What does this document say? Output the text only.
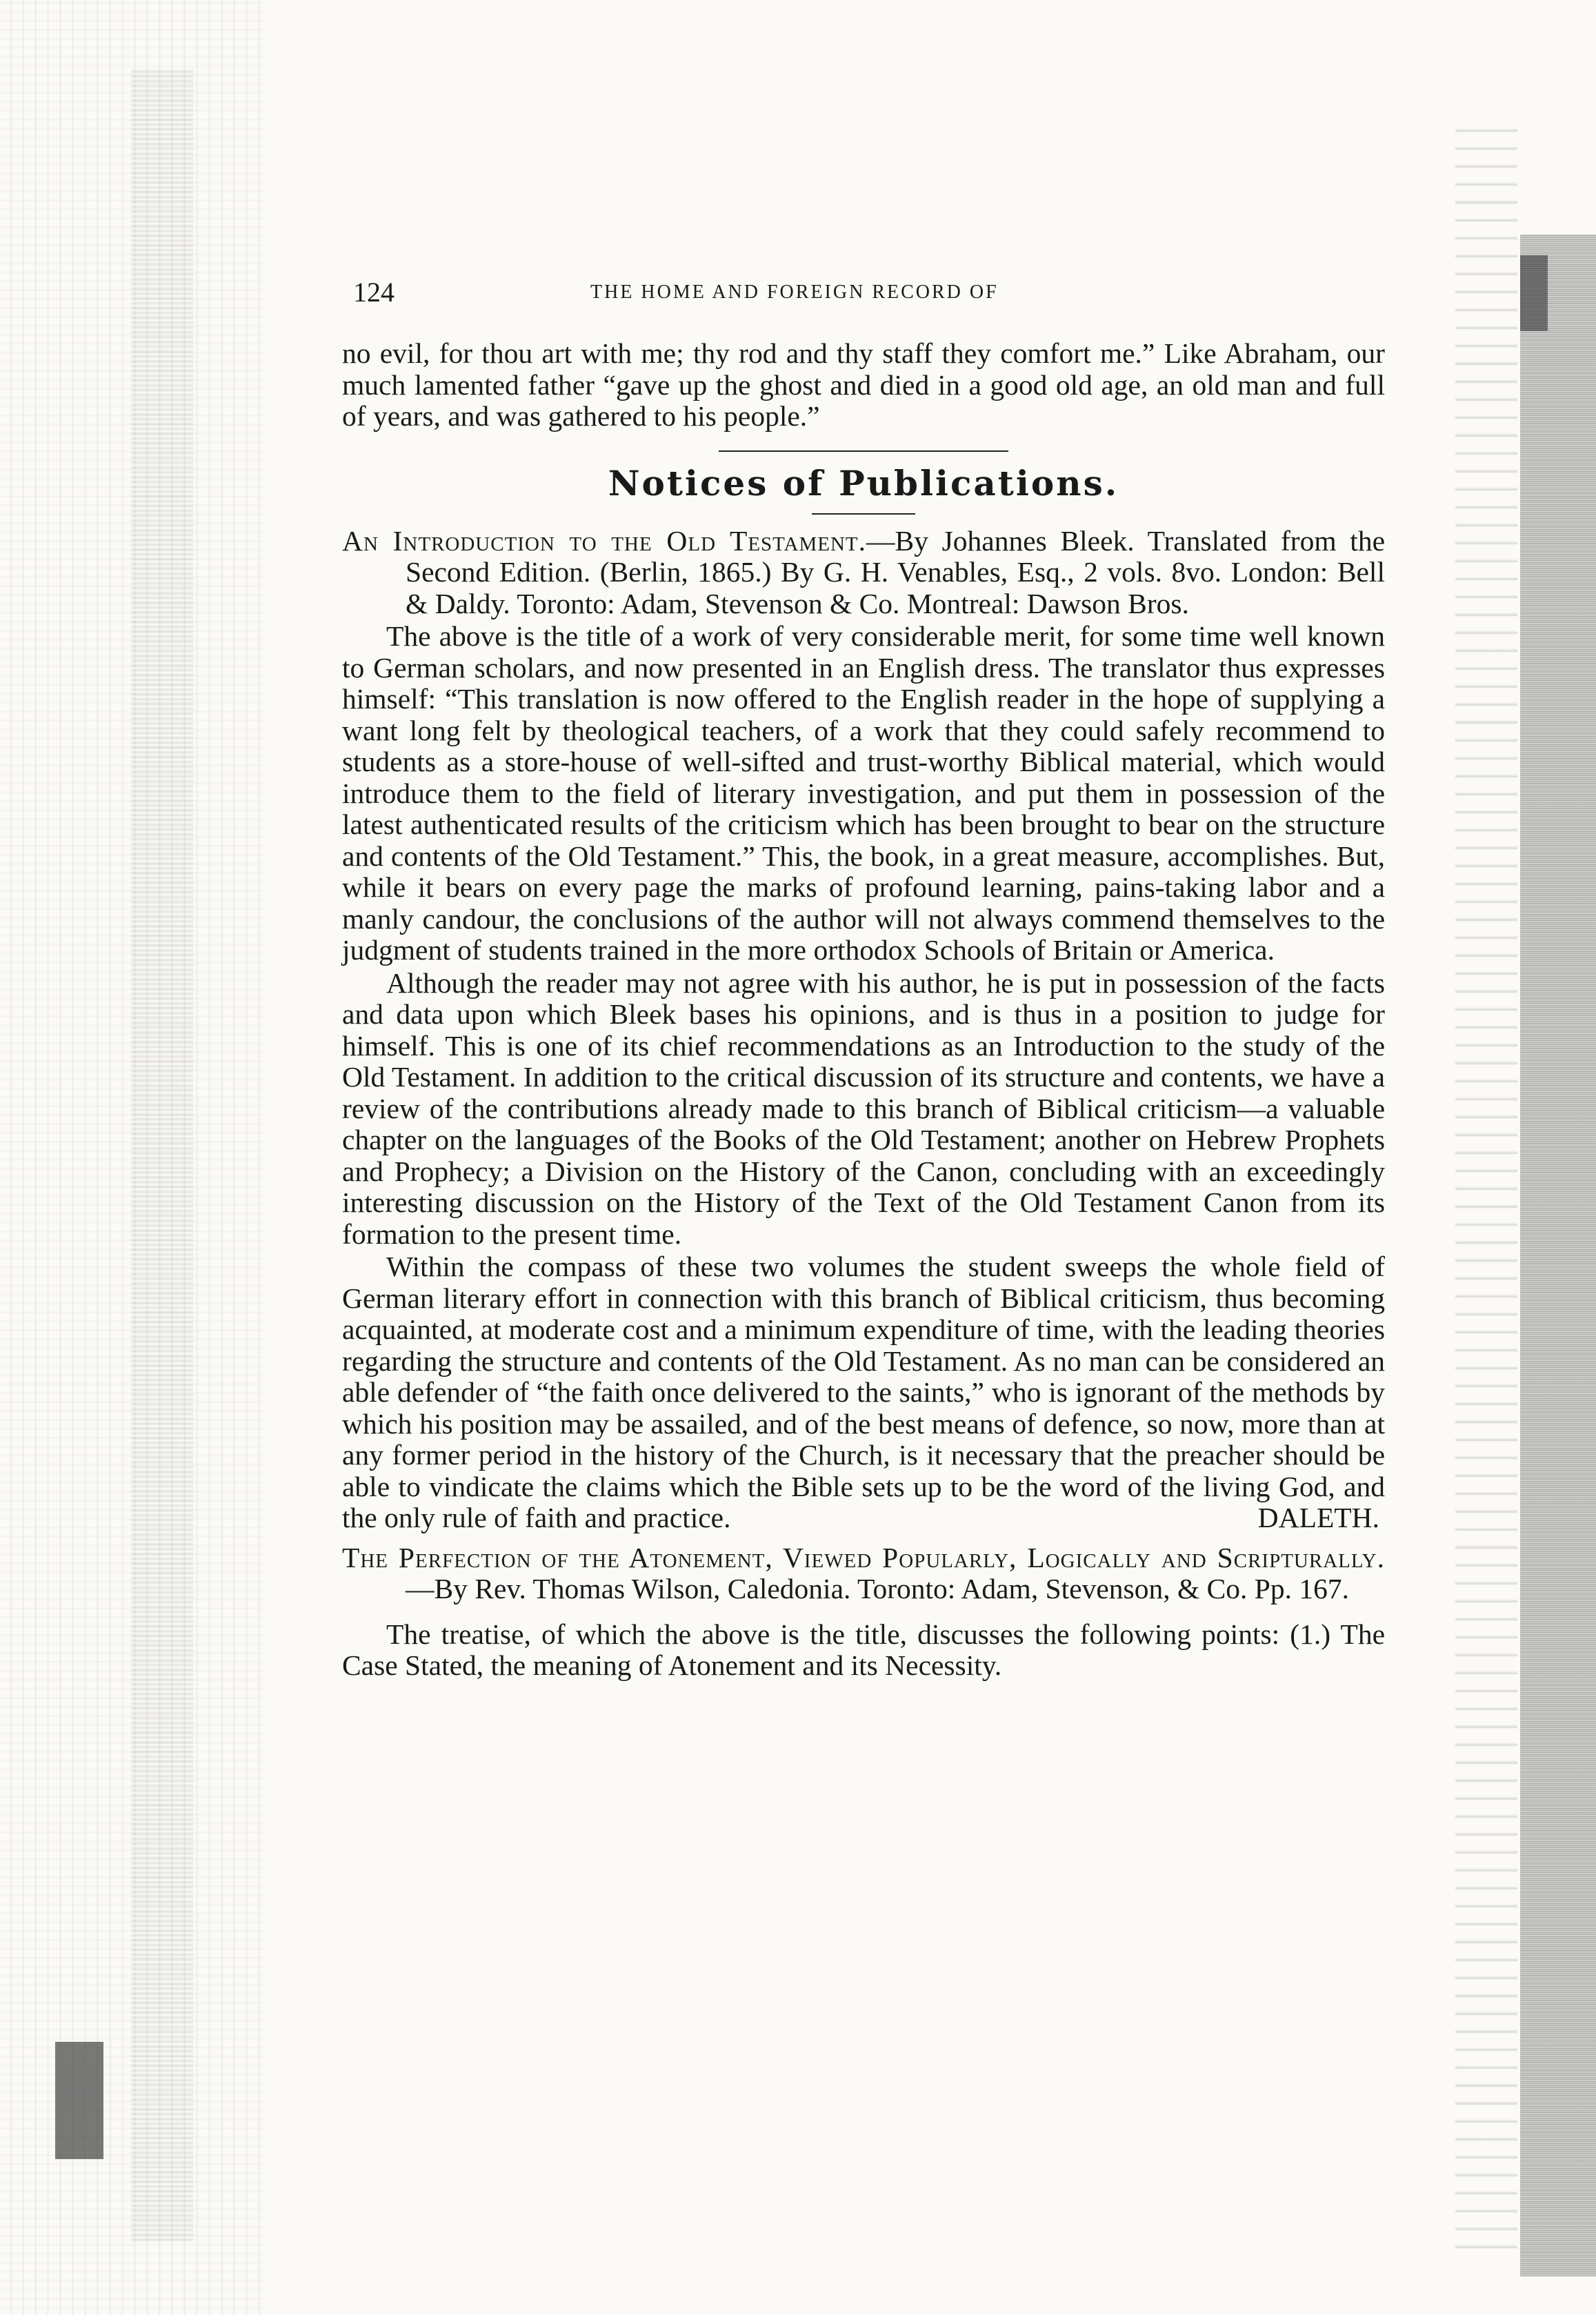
124	THE HOME AND FOREIGN RECORD OF

no evil, for thou art with me; thy rod and thy staff they comfort me.” Like Abraham, our much lamented father “gave up the ghost and died in a good old age, an old man and full of years, and was gathered to his people.”

Notices of Publications.

An Introduction to the Old Testament.—By Johannes Bleek. Translated from the Second Edition. (Berlin, 1865.) By G. H. Venables, Esq., 2 vols. 8vo. London: Bell & Daldy. Toronto: Adam, Stevenson & Co. Montreal: Dawson Bros.

The above is the title of a work of very considerable merit, for some time well known to German scholars, and now presented in an English dress. The translator thus expresses himself: “This translation is now offered to the English reader in the hope of supplying a want long felt by theological teachers, of a work that they could safely recommend to students as a store-house of well-sifted and trust-worthy Biblical material, which would introduce them to the field of literary investigation, and put them in possession of the latest authenticated results of the criticism which has been brought to bear on the structure and contents of the Old Testament.” This, the book, in a great measure, accomplishes. But, while it bears on every page the marks of profound learning, pains-taking labor and a manly candour, the conclusions of the author will not always commend themselves to the judgment of students trained in the more orthodox Schools of Britain or America.

Although the reader may not agree with his author, he is put in possession of the facts and data upon which Bleek bases his opinions, and is thus in a position to judge for himself. This is one of its chief recommendations as an Introduction to the study of the Old Testament. In addition to the critical discussion of its structure and contents, we have a review of the contributions already made to this branch of Biblical criticism—a valuable chapter on the languages of the Books of the Old Testament; another on Hebrew Prophets and Prophecy; a Division on the History of the Canon, concluding with an exceedingly interesting discussion on the History of the Text of the Old Testament Canon from its formation to the present time.

Within the compass of these two volumes the student sweeps the whole field of German literary effort in connection with this branch of Biblical criticism, thus becoming acquainted, at moderate cost and a minimum expenditure of time, with the leading theories regarding the structure and contents of the Old Testament. As no man can be considered an able defender of “the faith once delivered to the saints,” who is ignorant of the methods by which his position may be assailed, and of the best means of defence, so now, more than at any former period in the history of the Church, is it necessary that the preacher should be able to vindicate the claims which the Bible sets up to be the word of the living God, and the only rule of faith and practice.	DALETH.

The Perfection of the Atonement, Viewed Popularly, Logically and Scripturally.—By Rev. Thomas Wilson, Caledonia. Toronto: Adam, Stevenson, & Co. Pp. 167.

The treatise, of which the above is the title, discusses the following points: (1.) The Case Stated, the meaning of Atonement and its Necessity.
